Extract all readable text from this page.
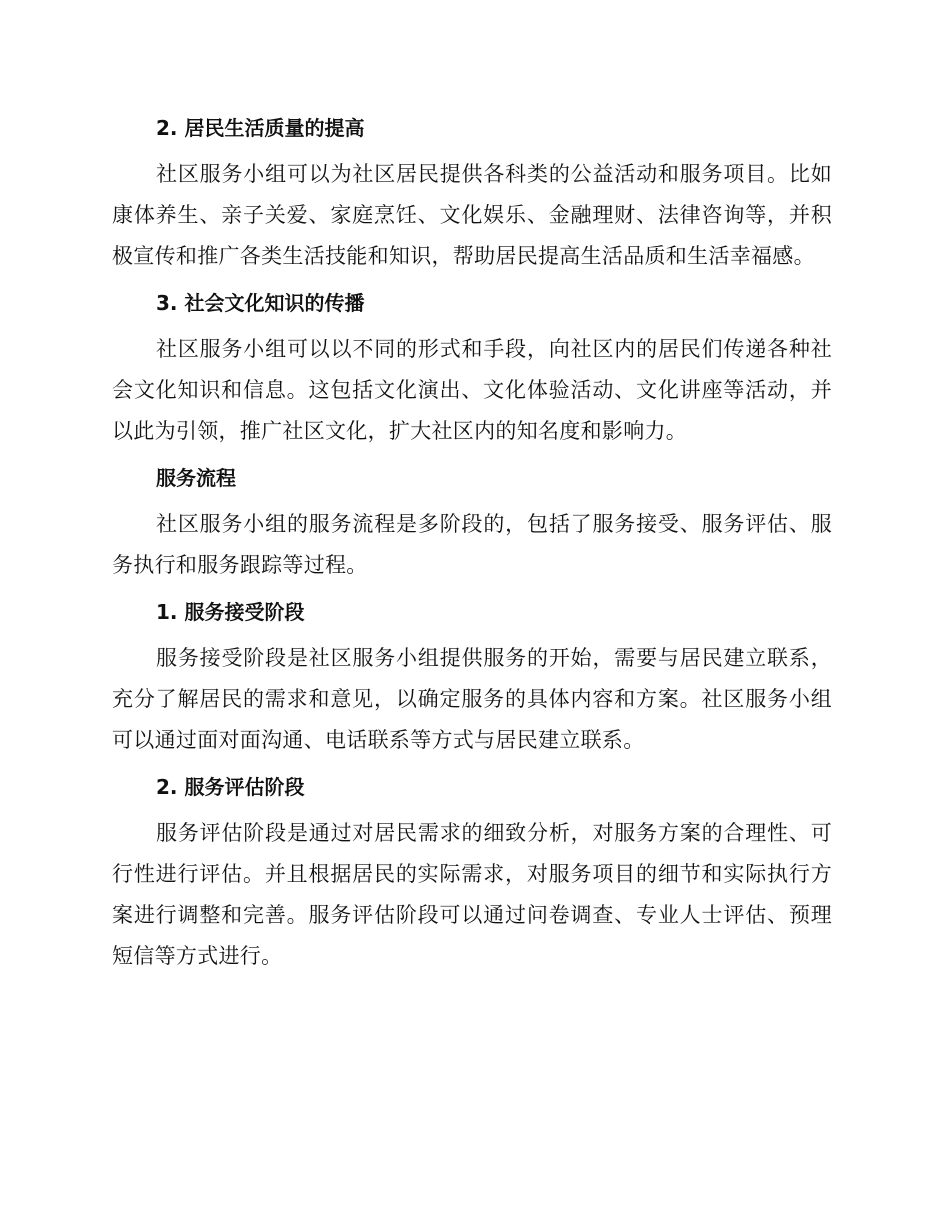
2. 居民生活质量的提高

社区服务小组可以为社区居民提供各科类的公益活动和服务项目。比如康体养生、亲子关爱、家庭烹饪、文化娱乐、金融理财、法律咨询等，并积极宣传和推广各类生活技能和知识，帮助居民提高生活品质和生活幸福感。

3. 社会文化知识的传播

社区服务小组可以以不同的形式和手段，向社区内的居民们传递各种社会文化知识和信息。这包括文化演出、文化体验活动、文化讲座等活动，并以此为引领，推广社区文化，扩大社区内的知名度和影响力。

服务流程

社区服务小组的服务流程是多阶段的，包括了服务接受、服务评估、服务执行和服务跟踪等过程。

1. 服务接受阶段

服务接受阶段是社区服务小组提供服务的开始，需要与居民建立联系，充分了解居民的需求和意见，以确定服务的具体内容和方案。社区服务小组可以通过面对面沟通、电话联系等方式与居民建立联系。

2. 服务评估阶段

服务评估阶段是通过对居民需求的细致分析，对服务方案的合理性、可行性进行评估。并且根据居民的实际需求，对服务项目的细节和实际执行方案进行调整和完善。服务评估阶段可以通过问卷调查、专业人士评估、预理短信等方式进行。
